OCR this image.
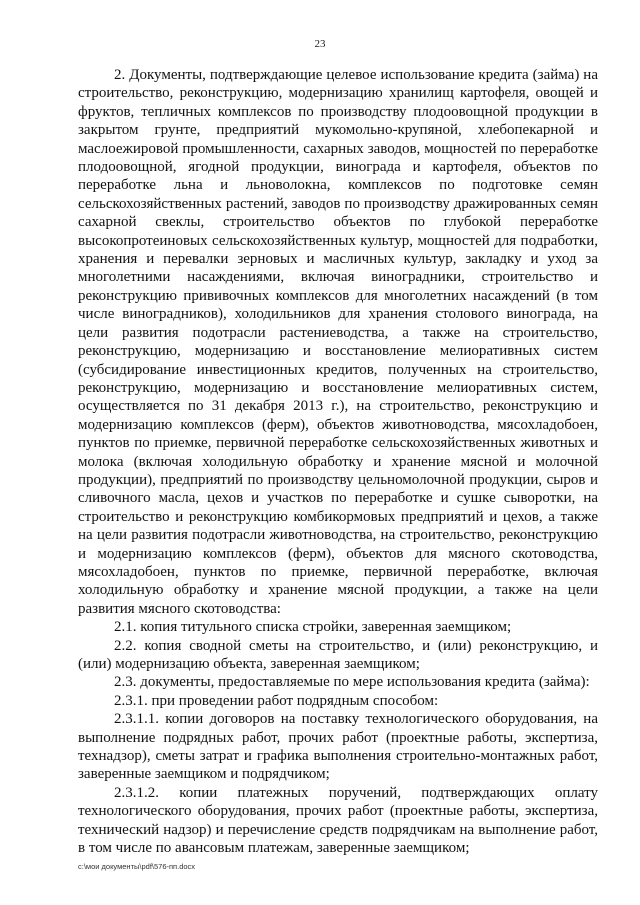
23

2. Документы, подтверждающие целевое использование кредита (займа) на строительство, реконструкцию, модернизацию хранилищ картофеля, овощей и фруктов, тепличных комплексов по производству плодоовощной продукции в закрытом грунте, предприятий мукомольно-крупяной, хлебопекарной и маслоежировой промышленности, сахарных заводов, мощностей по переработке плодоовощной, ягодной продукции, винограда и картофеля, объектов по переработке льна и льноволокна, комплексов по подготовке семян сельскохозяйственных растений, заводов по производству дражированных семян сахарной свеклы, строительство объектов по глубокой переработке высокопротеиновых сельскохозяйственных культур, мощностей для подработки, хранения и перевалки зерновых и масличных культур, закладку и уход за многолетними насаждениями, включая виноградники, строительство и реконструкцию прививочных комплексов для многолетних насаждений (в том числе виноградников), холодильников для хранения столового винограда, на цели развития подотрасли растениеводства, а также на строительство, реконструкцию, модернизацию и восстановление мелиоративных систем (субсидирование инвестиционных кредитов, полученных на строительство, реконструкцию, модернизацию и восстановление мелиоративных систем, осуществляется по 31 декабря 2013 г.), на строительство, реконструкцию и модернизацию комплексов (ферм), объектов животноводства, мясохладобоен, пунктов по приемке, первичной переработке сельскохозяйственных животных и молока (включая холодильную обработку и хранение мясной и молочной продукции), предприятий по производству цельномолочной продукции, сыров и сливочного масла, цехов и участков по переработке и сушке сыворотки, на строительство и реконструкцию комбикормовых предприятий и цехов, а также на цели развития подотрасли животноводства, на строительство, реконструкцию и модернизацию комплексов (ферм), объектов для мясного скотоводства, мясохладобоен, пунктов по приемке, первичной переработке, включая холодильную обработку и хранение мясной продукции, а также на цели развития мясного скотоводства:

2.1. копия титульного списка стройки, заверенная заемщиком;

2.2. копия сводной сметы на строительство, и (или) реконструкцию, и (или) модернизацию объекта, заверенная заемщиком;

2.3. документы, предоставляемые по мере использования кредита (займа):

2.3.1. при проведении работ подрядным способом:

2.3.1.1. копии договоров на поставку технологического оборудования, на выполнение подрядных работ, прочих работ (проектные работы, экспертиза, технадзор), сметы затрат и графика выполнения строительно-монтажных работ, заверенные заемщиком и подрядчиком;

2.3.1.2. копии платежных поручений, подтверждающих оплату технологического оборудования, прочих работ (проектные работы, экспертиза, технический надзор) и перечисление средств подрядчикам на выполнение работ, в том числе по авансовым платежам, заверенные заемщиком;

c:\мои документы\pdf\576-пп.docx
